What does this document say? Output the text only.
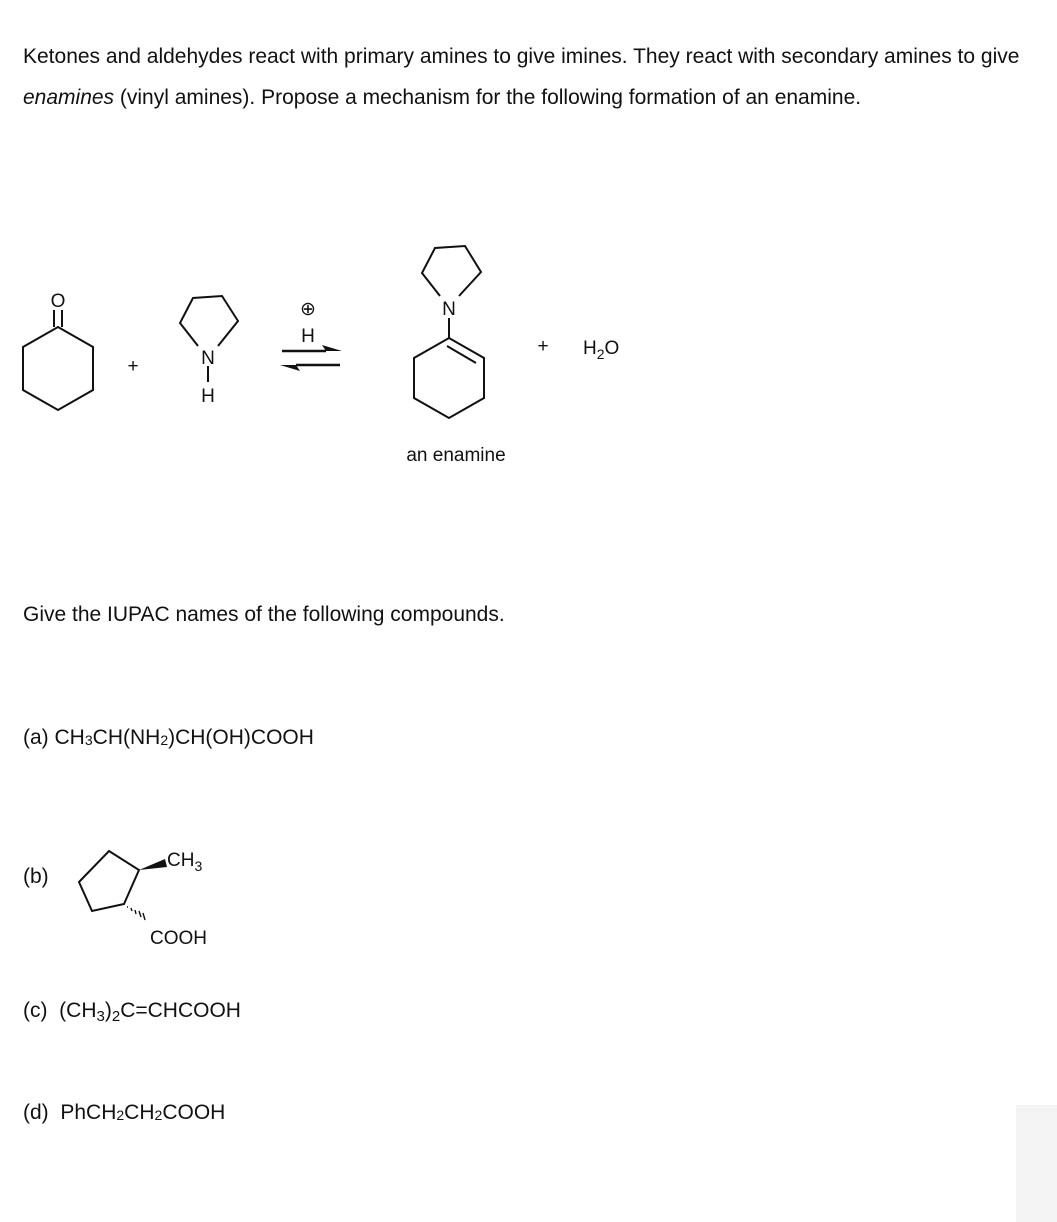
Ketones and aldehydes react with primary amines to give imines. They react with secondary amines to give enamines (vinyl amines). Propose a mechanism for the following formation of an enamine.

O
+	N
H
⊕
H
N
+ $H_2O$
an enamine

Give the IUPAC names of the following compounds.

(a) CH3CH(NH2)CH(OH)COOH

(b)

$CH_3$
COOH

(c) $(CH_3)_2C=CHCOOH$

(d) PhCH2CH2COOH
